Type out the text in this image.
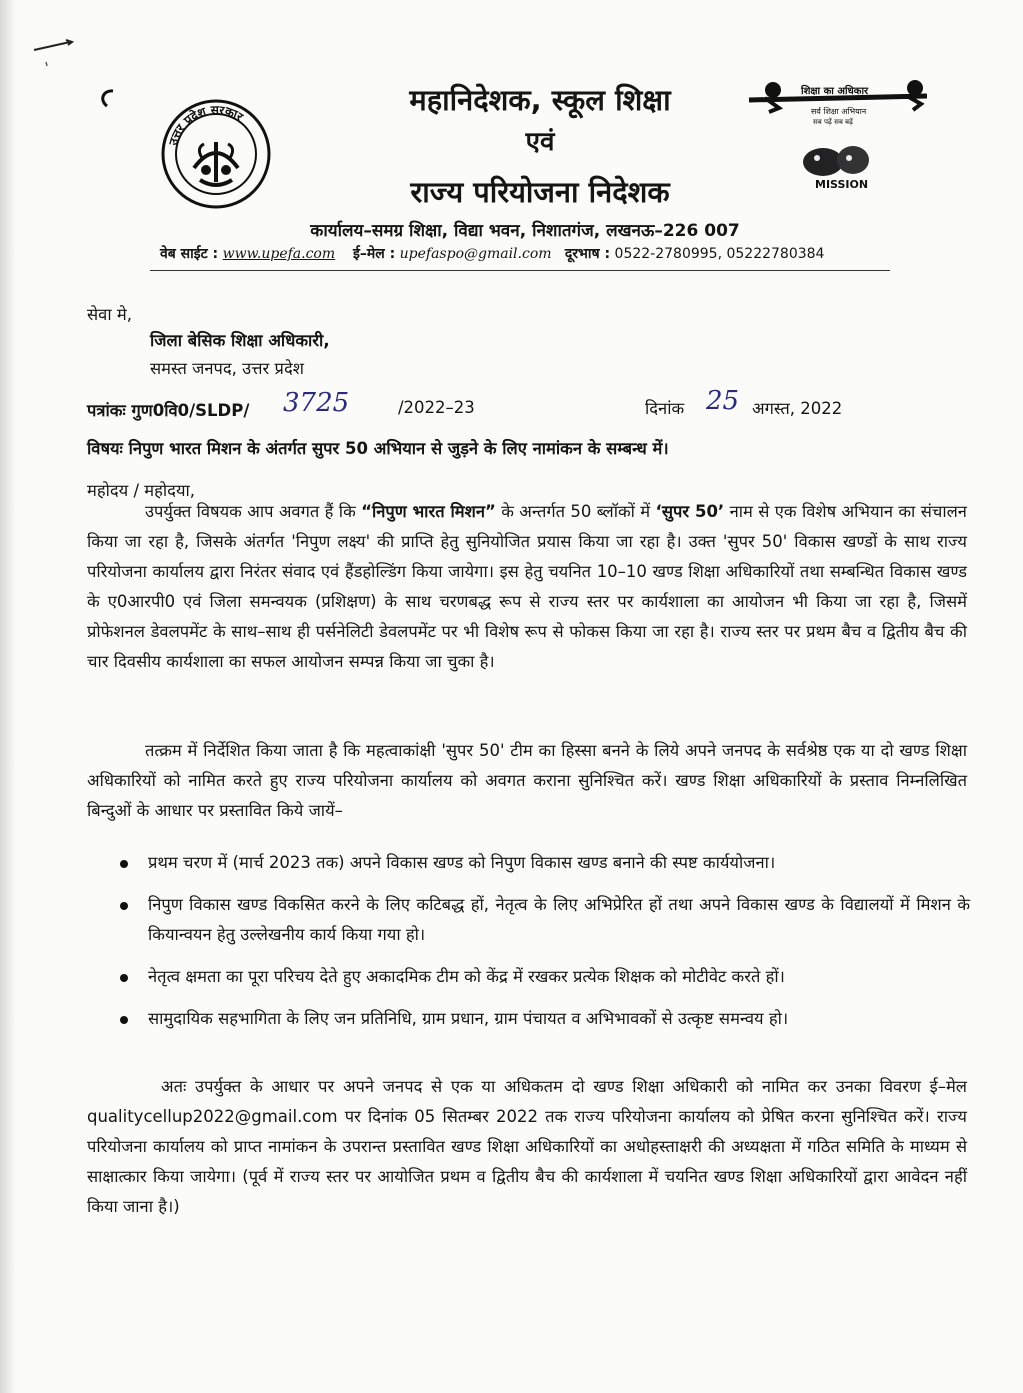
उत्तर प्रदेश सरकार	महानिदेशक, स्कूल शिक्षा
एवं
राज्य परियोजना निदेशक
शिक्षा का अधिकार
सर्व शिक्षा अभियान
सब पढ़ें सब बढ़ें
MISSION
कार्यालय–समग्र शिक्षा, विद्या भवन, निशातगंज, लखनऊ–226 007
वेब साईट : www.upefa.com ई–मेल : upefaspo@gmail.com दूरभाष : 0522-2780995, 05222780384
सेवा मे,
जिला बेसिक शिक्षा अधिकारी,
समस्त जनपद, उत्तर प्रदेश
पत्रांकः गुण0वि0/SLDP/ 3725	/2022–23	दिनांक 25 अगस्त, 2022
विषयः निपुण भारत मिशन के अंतर्गत सुपर 50 अभियान से जुड़ने के लिए नामांकन के सम्बन्ध में।
महोदय / महोदया,
उपर्युक्त विषयक आप अवगत हैं कि “निपुण भारत मिशन” के अन्तर्गत 50 ब्लॉकों में ‘सुपर 50’ नाम से एक विशेष अभियान का संचालन किया जा रहा है, जिसके अंतर्गत 'निपुण लक्ष्य' की प्राप्ति हेतु सुनियोजित प्रयास किया जा रहा है। उक्त 'सुपर 50' विकास खण्डों के साथ राज्य परियोजना कार्यालय द्वारा निरंतर संवाद एवं हैंडहोल्डिंग किया जायेगा। इस हेतु चयनित 10–10 खण्ड शिक्षा अधिकारियों तथा सम्बन्धित विकास खण्ड के ए0आरपी0 एवं जिला समन्वयक (प्रशिक्षण) के साथ चरणबद्ध रूप से राज्य स्तर पर कार्यशाला का आयोजन भी किया जा रहा है, जिसमें प्रोफेशनल डेवलपमेंट के साथ–साथ ही पर्सनेलिटी डेवलपमेंट पर भी विशेष रूप से फोकस किया जा रहा है। राज्य स्तर पर प्रथम बैच व द्वितीय बैच की चार दिवसीय कार्यशाला का सफल आयोजन सम्पन्न किया जा चुका है।
तत्क्रम में निर्देशित किया जाता है कि महत्वाकांक्षी 'सुपर 50' टीम का हिस्सा बनने के लिये अपने जनपद के सर्वश्रेष्ठ एक या दो खण्ड शिक्षा अधिकारियों को नामित करते हुए राज्य परियोजना कार्यालय को अवगत कराना सुनिश्चित करें। खण्ड शिक्षा अधिकारियों के प्रस्ताव निम्नलिखित बिन्दुओं के आधार पर प्रस्तावित किये जायें–
प्रथम चरण में (मार्च 2023 तक) अपने विकास खण्ड को निपुण विकास खण्ड बनाने की स्पष्ट कार्ययोजना।
निपुण विकास खण्ड विकसित करने के लिए कटिबद्ध हों, नेतृत्व के लिए अभिप्रेरित हों तथा अपने विकास खण्ड के विद्यालयों में मिशन के कियान्वयन हेतु उल्लेखनीय कार्य किया गया हो।
नेतृत्व क्षमता का पूरा परिचय देते हुए अकादमिक टीम को केंद्र में रखकर प्रत्येक शिक्षक को मोटीवेट करते हों।
सामुदायिक सहभागिता के लिए जन प्रतिनिधि, ग्राम प्रधान, ग्राम पंचायत व अभिभावकों से उत्कृष्ट समन्वय हो।
अतः उपर्युक्त के आधार पर अपने जनपद से एक या अधिकतम दो खण्ड शिक्षा अधिकारी को नामित कर उनका विवरण ई–मेल qualitycellup2022@gmail.com पर दिनांक 05 सितम्बर 2022 तक राज्य परियोजना कार्यालय को प्रेषित करना सुनिश्चित करें। राज्य परियोजना कार्यालय को प्राप्त नामांकन के उपरान्त प्रस्तावित खण्ड शिक्षा अधिकारियों का अधोहस्ताक्षरी की अध्यक्षता में गठित समिति के माध्यम से साक्षात्कार किया जायेगा। (पूर्व में राज्य स्तर पर आयोजित प्रथम व द्वितीय बैच की कार्यशाला में चयनित खण्ड शिक्षा अधिकारियों द्वारा आवेदन नहीं किया जाना है।)
